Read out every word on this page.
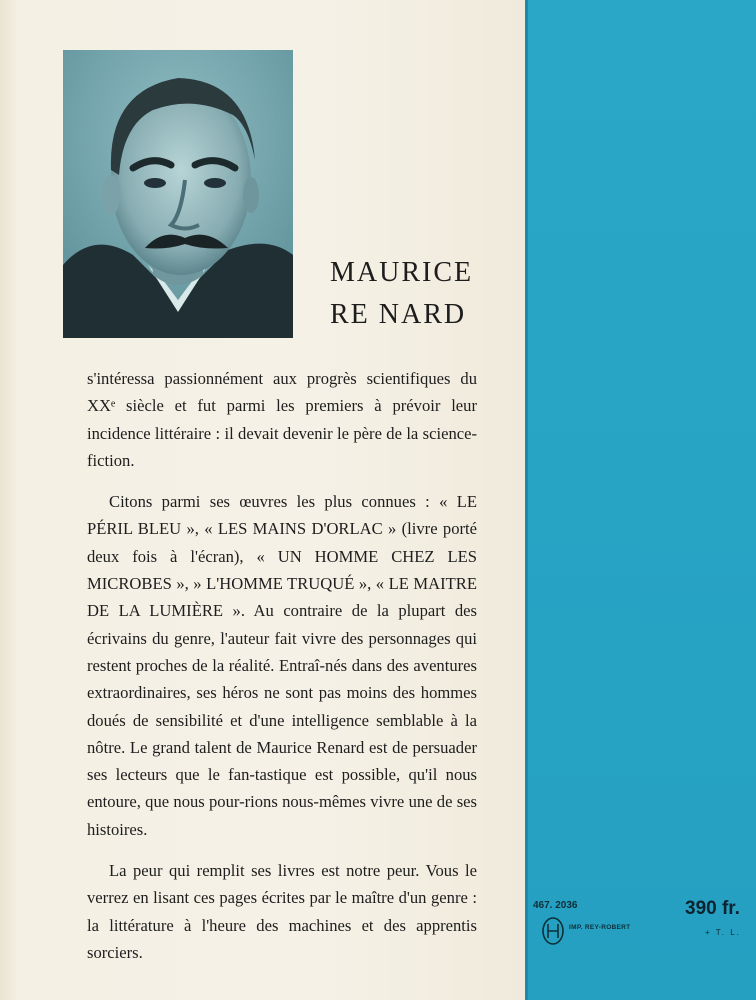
MAURICE
RE NARD

s'intéressa passionnément aux progrès scientifiques du XXᵉ siècle et fut parmi les premiers à prévoir leur incidence littéraire : il devait devenir le père de la science-fiction.

Citons parmi ses œuvres les plus connues : « LE PÉRIL BLEU », « LES MAINS D'ORLAC » (livre porté deux fois à l'écran), « UN HOMME CHEZ LES MICROBES », » L'HOMME TRUQUÉ », « LE MAITRE DE LA LUMIÈRE ». Au contraire de la plupart des écrivains du genre, l'auteur fait vivre des personnages qui restent proches de la réalité. Entraî-nés dans des aventures extraordinaires, ses héros ne sont pas moins des hommes doués de sensibilité et d'une intelligence semblable à la nôtre. Le grand talent de Maurice Renard est de persuader ses lecteurs que le fan-tastique est possible, qu'il nous entoure, que nous pour-rions nous-mêmes vivre une de ses histoires.

La peur qui remplit ses livres est notre peur. Vous le verrez en lisant ces pages écrites par le maître d'un genre : la littérature à l'heure des machines et des apprentis sorciers.

467. 2036	390 fr.
IMP. REY-ROBERT
+ T. L.
